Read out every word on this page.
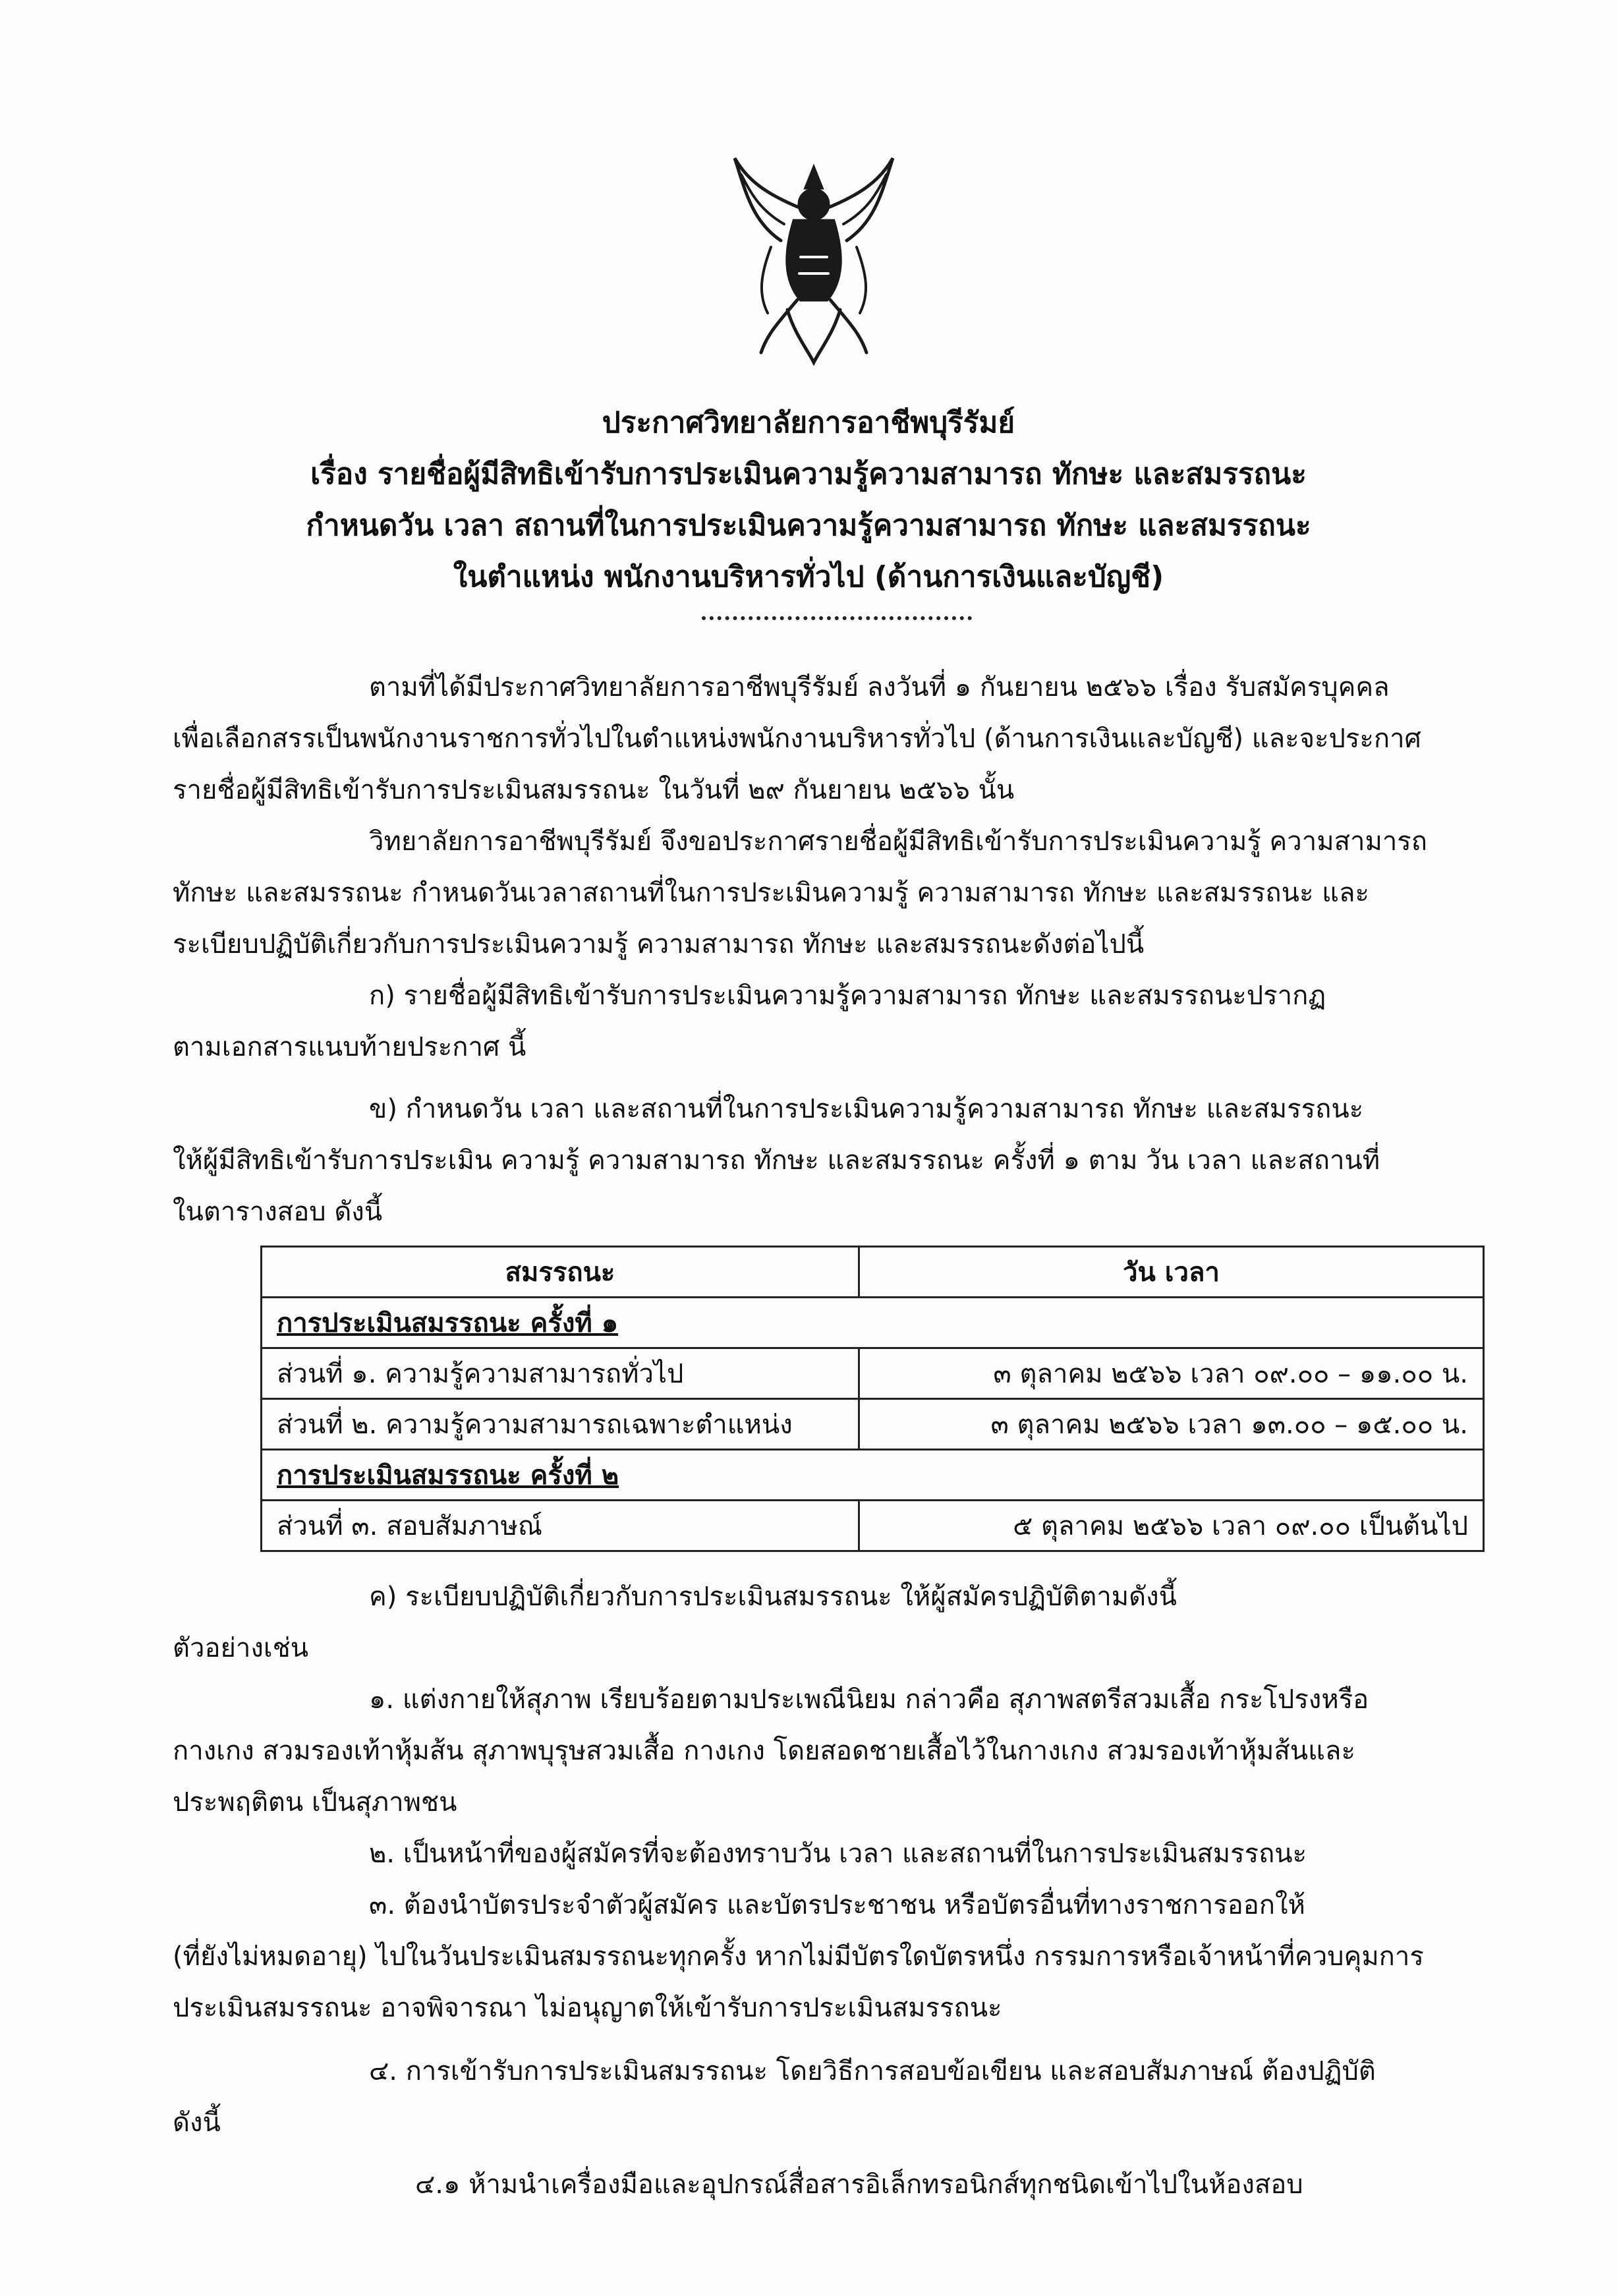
ประกาศวิทยาลัยการอาชีพบุรีรัมย์
เรื่อง รายชื่อผู้มีสิทธิเข้ารับการประเมินความรู้ความสามารถ ทักษะ และสมรรถนะ
กำหนดวัน เวลา สถานที่ในการประเมินความรู้ความสามารถ ทักษะ และสมรรถนะ
ในตำแหน่ง พนักงานบริหารทั่วไป (ด้านการเงินและบัญชี)
ตามที่ได้มีประกาศวิทยาลัยการอาชีพบุรีรัมย์ ลงวันที่ ๑ กันยายน ๒๕๖๖ เรื่อง รับสมัครบุคคล
เพื่อเลือกสรรเป็นพนักงานราชการทั่วไปในตำแหน่งพนักงานบริหารทั่วไป (ด้านการเงินและบัญชี) และจะประกาศ
รายชื่อผู้มีสิทธิเข้ารับการประเมินสมรรถนะ ในวันที่ ๒๙ กันยายน ๒๕๖๖ นั้น
วิทยาลัยการอาชีพบุรีรัมย์ จึงขอประกาศรายชื่อผู้มีสิทธิเข้ารับการประเมินความรู้ ความสามารถ
ทักษะ และสมรรถนะ กำหนดวันเวลาสถานที่ในการประเมินความรู้ ความสามารถ ทักษะ และสมรรถนะ และ
ระเบียบปฏิบัติเกี่ยวกับการประเมินความรู้ ความสามารถ ทักษะ และสมรรถนะดังต่อไปนี้
ก) รายชื่อผู้มีสิทธิเข้ารับการประเมินความรู้ความสามารถ ทักษะ และสมรรถนะปรากฏ
ตามเอกสารแนบท้ายประกาศ นี้
ข) กำหนดวัน เวลา และสถานที่ในการประเมินความรู้ความสามารถ ทักษะ และสมรรถนะ
ให้ผู้มีสิทธิเข้ารับการประเมิน ความรู้ ความสามารถ ทักษะ และสมรรถนะ ครั้งที่ ๑ ตาม วัน เวลา และสถานที่
ในตารางสอบ ดังนี้
สมรรถนะ	วัน เวลา
การประเมินสมรรถนะ ครั้งที่ ๑	
ส่วนที่ ๑. ความรู้ความสามารถทั่วไป	๓ ตุลาคม ๒๕๖๖ เวลา ๐๙.๐๐ – ๑๑.๐๐ น.
ส่วนที่ ๒. ความรู้ความสามารถเฉพาะตำแหน่ง	๓ ตุลาคม ๒๕๖๖ เวลา ๑๓.๐๐ – ๑๕.๐๐ น.
การประเมินสมรรถนะ ครั้งที่ ๒	
ส่วนที่ ๓. สอบสัมภาษณ์	๕ ตุลาคม ๒๕๖๖ เวลา ๐๙.๐๐ เป็นต้นไป
ค) ระเบียบปฏิบัติเกี่ยวกับการประเมินสมรรถนะ ให้ผู้สมัครปฏิบัติตามดังนี้
ตัวอย่างเช่น
๑. แต่งกายให้สุภาพ เรียบร้อยตามประเพณีนิยม กล่าวคือ สุภาพสตรีสวมเสื้อ กระโปรงหรือ
กางเกง สวมรองเท้าหุ้มส้น สุภาพบุรุษสวมเสื้อ กางเกง โดยสอดชายเสื้อไว้ในกางเกง สวมรองเท้าหุ้มส้นและ
ประพฤติตน เป็นสุภาพชน
๒. เป็นหน้าที่ของผู้สมัครที่จะต้องทราบวัน เวลา และสถานที่ในการประเมินสมรรถนะ
๓. ต้องนำบัตรประจำตัวผู้สมัคร และบัตรประชาชน หรือบัตรอื่นที่ทางราชการออกให้
(ที่ยังไม่หมดอายุ) ไปในวันประเมินสมรรถนะทุกครั้ง หากไม่มีบัตรใดบัตรหนึ่ง กรรมการหรือเจ้าหน้าที่ควบคุมการ
ประเมินสมรรถนะ อาจพิจารณา ไม่อนุญาตให้เข้ารับการประเมินสมรรถนะ
๔. การเข้ารับการประเมินสมรรถนะ โดยวิธีการสอบข้อเขียน และสอบสัมภาษณ์ ต้องปฏิบัติ
ดังนี้
๔.๑ ห้ามนำเครื่องมือและอุปกรณ์สื่อสารอิเล็กทรอนิกส์ทุกชนิดเข้าไปในห้องสอบ
